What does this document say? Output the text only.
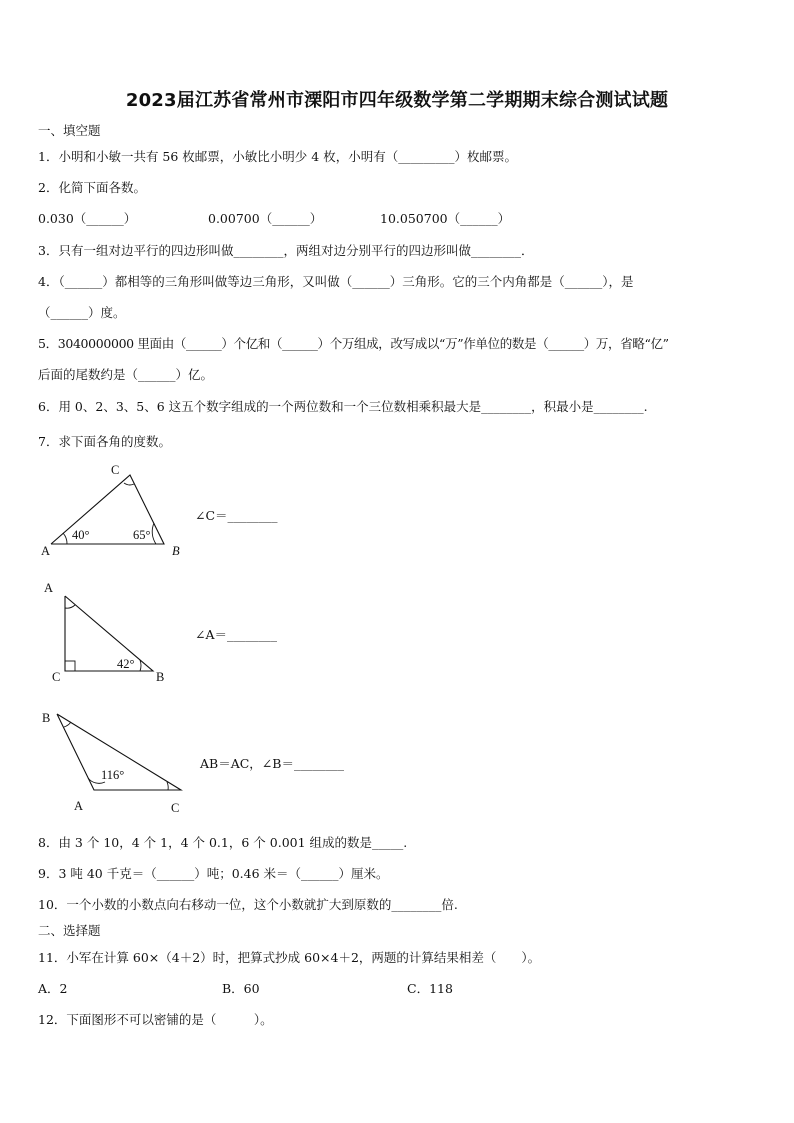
2023届江苏省常州市溧阳市四年级数学第二学期期末综合测试试题
一、填空题
1．小明和小敏一共有 56 枚邮票，小敏比小明少 4 枚，小明有（_________）枚邮票。
2．化简下面各数。
0.030（______）	0.00700（______）	10.050700（______）
3．只有一组对边平行的四边形叫做________，两组对边分别平行的四边形叫做________．
4．（______）都相等的三角形叫做等边三角形，又叫做（______）三角形。它的三个内角都是（______），是
（______）度。
5．3040000000 里面由（______）个亿和（______）个万组成，改写成以“万”作单位的数是（______）万，省略“亿”
后面的尾数约是（______）亿。
6．用 0、2、3、5、6 这五个数字组成的一个两位数和一个三位数相乘积最大是________，积最小是________.
7．求下面各角的度数。
C
A	B
40°	65°
∠C＝________
A
C	B
42°
∠A＝________
B
A	C
116°
AB＝AC，∠B＝________
8．由 3 个 10，4 个 1，4 个 0.1，6 个 0.001 组成的数是_____.
9．3 吨 40 千克＝（______）吨；0.46 米＝（______）厘米。
10．一个小数的小数点向右移动一位，这个小数就扩大到原数的________倍.
二、选择题
11．小军在计算 60×（4＋2）时，把算式抄成 60×4＋2，两题的计算结果相差（　　）。
A．2	B．60	C．118
12．下面图形不可以密铺的是（　　　）。
